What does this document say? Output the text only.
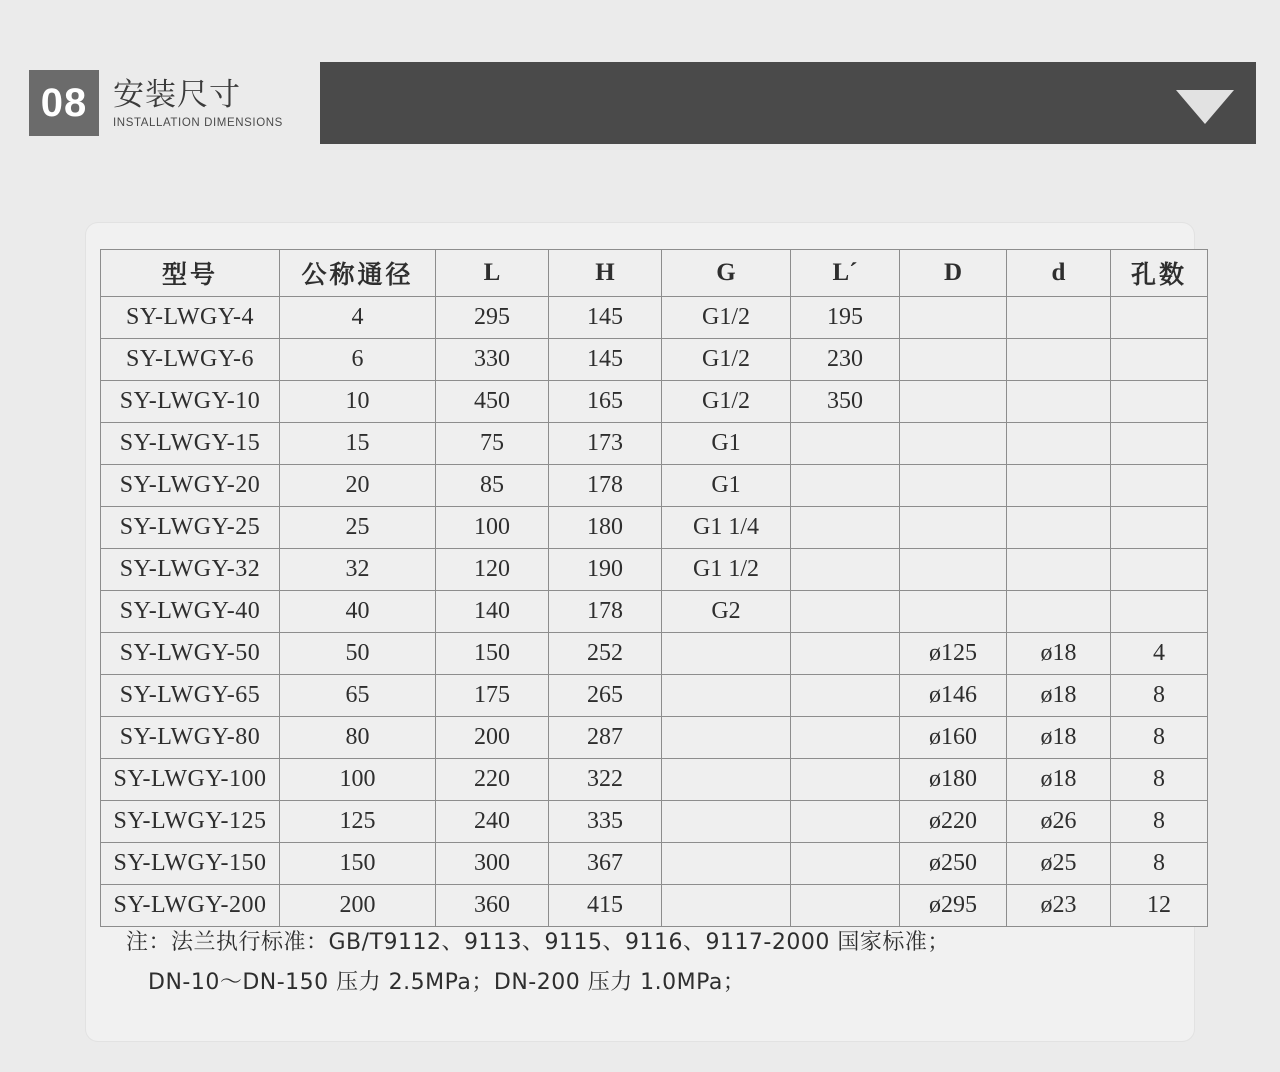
08 安装尺寸
INSTALLATION DIMENSIONS
型号	公称通径	L	H	G	L´	D	d	孔数
SY-LWGY-4	4	295	145	G1/2	195			
SY-LWGY-6	6	330	145	G1/2	230			
SY-LWGY-10	10	450	165	G1/2	350			
SY-LWGY-15	15	75	173	G1				
SY-LWGY-20	20	85	178	G1				
SY-LWGY-25	25	100	180	G1 1/4				
SY-LWGY-32	32	120	190	G1 1/2				
SY-LWGY-40	40	140	178	G2				
SY-LWGY-50	50	150	252			ø125	ø18	4
SY-LWGY-65	65	175	265			ø146	ø18	8
SY-LWGY-80	80	200	287			ø160	ø18	8
SY-LWGY-100	100	220	322			ø180	ø18	8
SY-LWGY-125	125	240	335			ø220	ø26	8
SY-LWGY-150	150	300	367			ø250	ø25	8
SY-LWGY-200	200	360	415			ø295	ø23	12
注：法兰执行标准：GB/T9112、9113、9115、9116、9117-2000 国家标准；
DN-10～DN-150 压力 2.5MPa；DN-200 压力 1.0MPa；
